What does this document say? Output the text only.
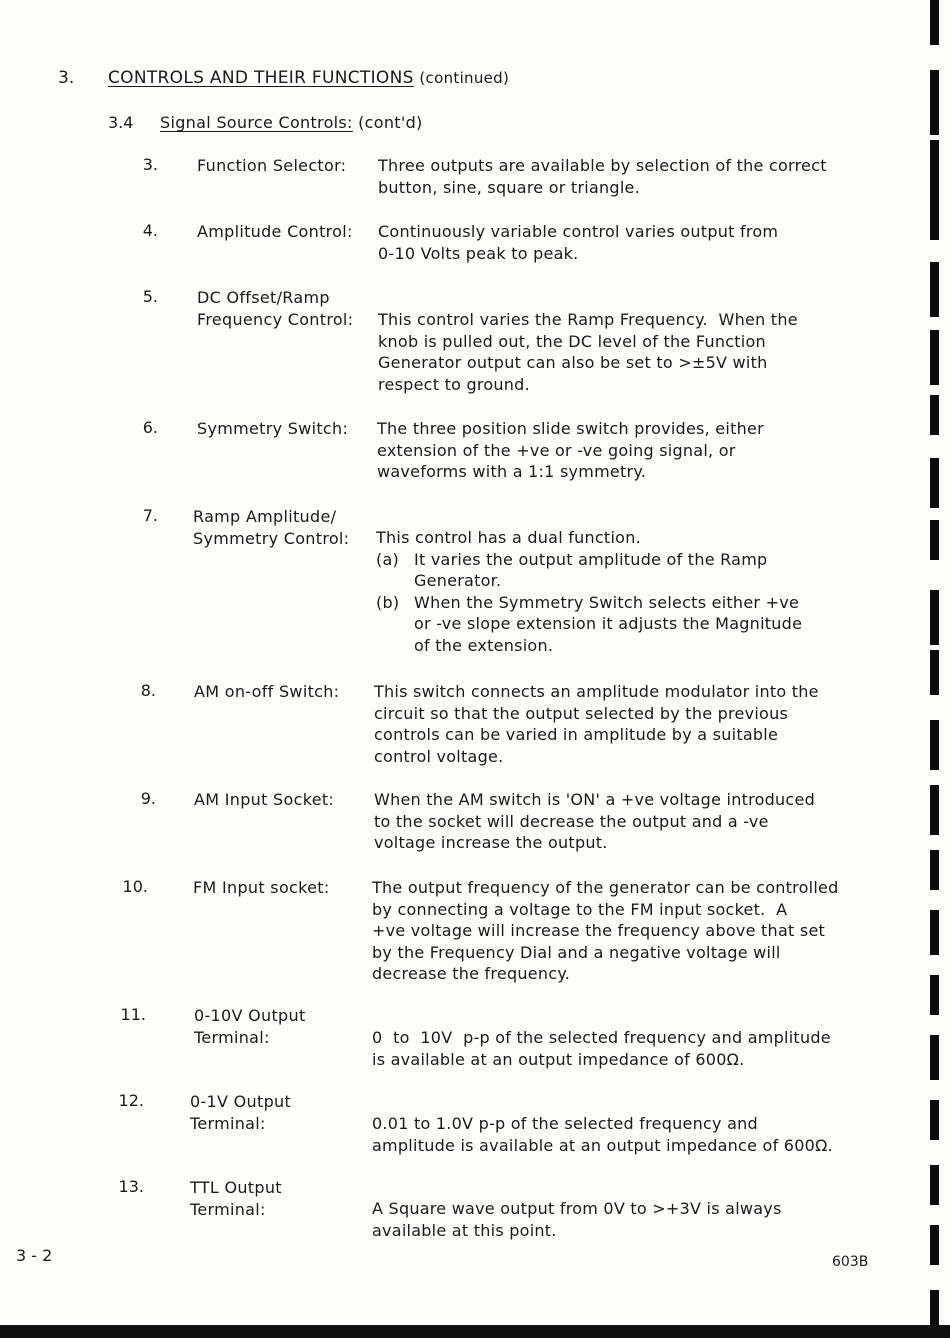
3. CONTROLS AND THEIR FUNCTIONS (continued)
3.4 Signal Source Controls: (cont'd)
3. Function Selector: Three outputs are available by selection of the correct
button, sine, square or triangle.
4. Amplitude Control: Continuously variable control varies output from
0-10 Volts peak to peak.
5. DC Offset/Ramp
Frequency Control: This control varies the Ramp Frequency.  When the
knob is pulled out, the DC level of the Function
Generator output can also be set to >±5V with
respect to ground.
6. Symmetry Switch: The three position slide switch provides, either
extension of the +ve or -ve going signal, or
waveforms with a 1:1 symmetry.
7. Ramp Amplitude/
Symmetry Control: This control has a dual function.
(a) It varies the output amplitude of the Ramp
Generator.
(b) When the Symmetry Switch selects either +ve
or -ve slope extension it adjusts the Magnitude
of the extension.
8. AM on-off Switch: This switch connects an amplitude modulator into the
circuit so that the output selected by the previous
controls can be varied in amplitude by a suitable
control voltage.
9. AM Input Socket: When the AM switch is 'ON' a +ve voltage introduced
to the socket will decrease the output and a -ve
voltage increase the output.
10.	FM Input socket:	The output frequency of the generator can be controlled
by connecting a voltage to the FM input socket.  A
+ve voltage will increase the frequency above that set
by the Frequency Dial and a negative voltage will
decrease the frequency.
11.	0-10V Output
Terminal:	0  to  10V  p-p of the selected frequency and amplitude
is available at an output impedance of 600Ω.
12.	0-1V Output
Terminal:	0.01 to 1.0V p-p of the selected frequency and
amplitude is available at an output impedance of 600Ω.
13.	TTL Output
Terminal:	A Square wave output from 0V to >+3V is always
available at this point.
3 - 2	603B
